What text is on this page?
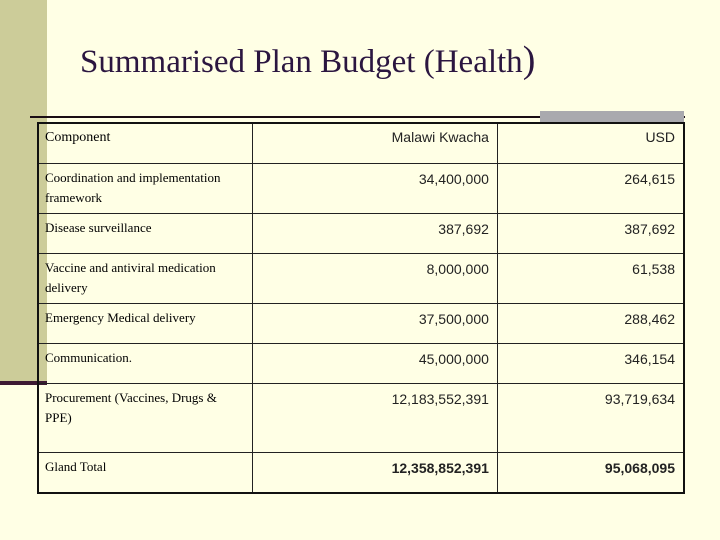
Summarised Plan Budget (Health)
Component	Malawi Kwacha	USD
Coordination and implementation framework	34,400,000	264,615
Disease surveillance	387,692	387,692
Vaccine and antiviral medication delivery	8,000,000	61,538
Emergency Medical delivery	37,500,000	288,462
Communication.	45,000,000	346,154
Procurement (Vaccines, Drugs & PPE)	12,183,552,391	93,719,634
Gland Total	12,358,852,391	95,068,095
